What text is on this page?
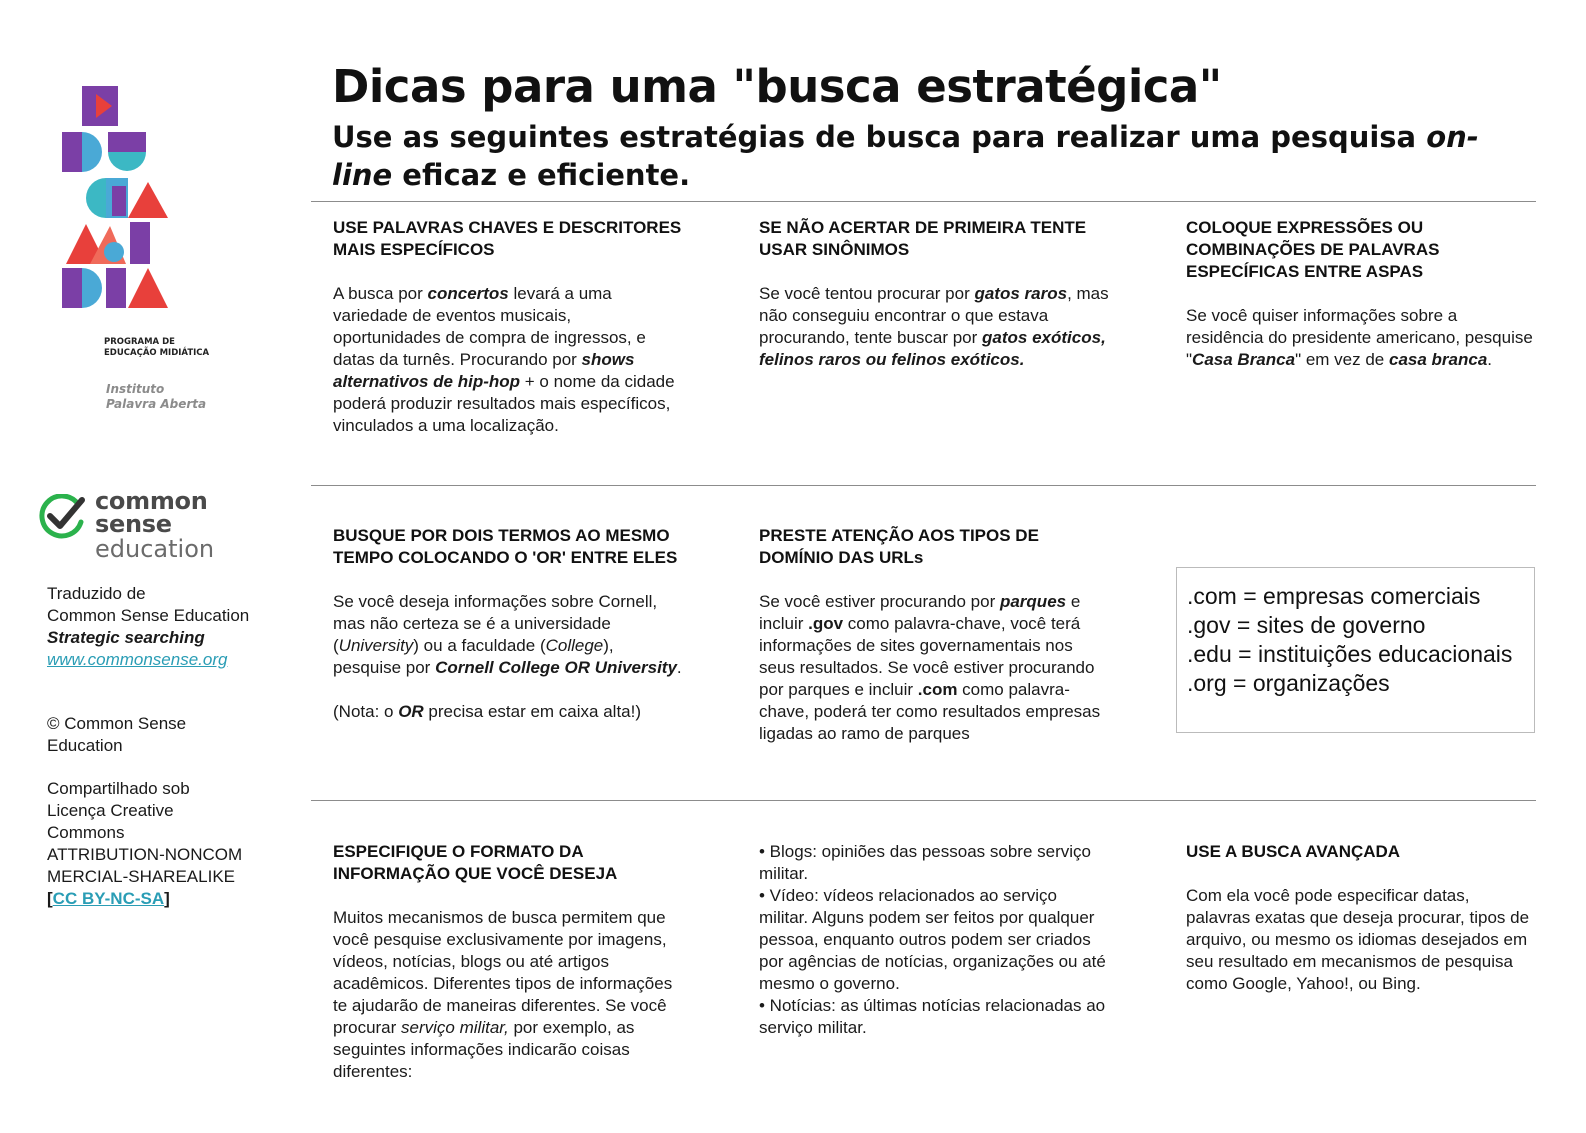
PROGRAMA DE
EDUCAÇÃO MIDIÁTICA
Instituto
Palavra Aberta
common
sense
education
Traduzido de
Common Sense Education
Strategic searching
www.commonsense.org
© Common Sense
Education
Compartilhado sob
Licença Creative
Commons
ATTRIBUTION-NONCOM
MERCIAL-SHAREALIKE
[CC BY-NC-SA]
Dicas para uma "busca estratégica"
Use as seguintes estratégias de busca para realizar uma pesquisa on-line eficaz e eficiente.
USE PALAVRAS CHAVES E DESCRITORES MAIS ESPECÍFICOS

A busca por concertos levará a uma variedade de eventos musicais, oportunidades de compra de ingressos, e datas da turnês. Procurando por shows alternativos de hip-hop + o nome da cidade poderá produzir resultados mais específicos, vinculados a uma localização.

SE NÃO ACERTAR DE PRIMEIRA TENTE USAR SINÔNIMOS

Se você tentou procurar por gatos raros, mas não conseguiu encontrar o que estava procurando, tente buscar por gatos exóticos, felinos raros ou felinos exóticos.

COLOQUE EXPRESSÕES OU COMBINAÇÕES DE PALAVRAS ESPECÍFICAS ENTRE ASPAS

Se você quiser informações sobre a residência do presidente americano, pesquise "Casa Branca" em vez de casa branca.

BUSQUE POR DOIS TERMOS AO MESMO TEMPO COLOCANDO O 'OR' ENTRE ELES

Se você deseja informações sobre Cornell, mas não certeza se é a universidade (University) ou a faculdade (College), pesquise por Cornell College OR University.

(Nota: o OR precisa estar em caixa alta!)

PRESTE ATENÇÃO AOS TIPOS DE DOMÍNIO DAS URLs

Se você estiver procurando por parques e incluir .gov como palavra-chave, você terá informações de sites governamentais nos seus resultados. Se você estiver procurando por parques e incluir .com como palavra-chave, poderá ter como resultados empresas ligadas ao ramo de parques

.com = empresas comerciais
.gov = sites de governo
.edu = instituições educacionais
.org = organizações
ESPECIFIQUE O FORMATO DA INFORMAÇÃO QUE VOCÊ DESEJA

Muitos mecanismos de busca permitem que você pesquise exclusivamente por imagens, vídeos, notícias, blogs ou até artigos acadêmicos. Diferentes tipos de informações te ajudarão de maneiras diferentes. Se você procurar serviço militar, por exemplo, as seguintes informações indicarão coisas diferentes:

• Blogs: opiniões das pessoas sobre serviço militar.

• Vídeo: vídeos relacionados ao serviço militar. Alguns podem ser feitos por qualquer pessoa, enquanto outros podem ser criados por agências de notícias, organizações ou até mesmo o governo.

• Notícias: as últimas notícias relacionadas ao serviço militar.

USE A BUSCA AVANÇADA

Com ela você pode especificar datas, palavras exatas que deseja procurar, tipos de arquivo, ou mesmo os idiomas desejados em seu resultado em mecanismos de pesquisa como Google, Yahoo!, ou Bing.
